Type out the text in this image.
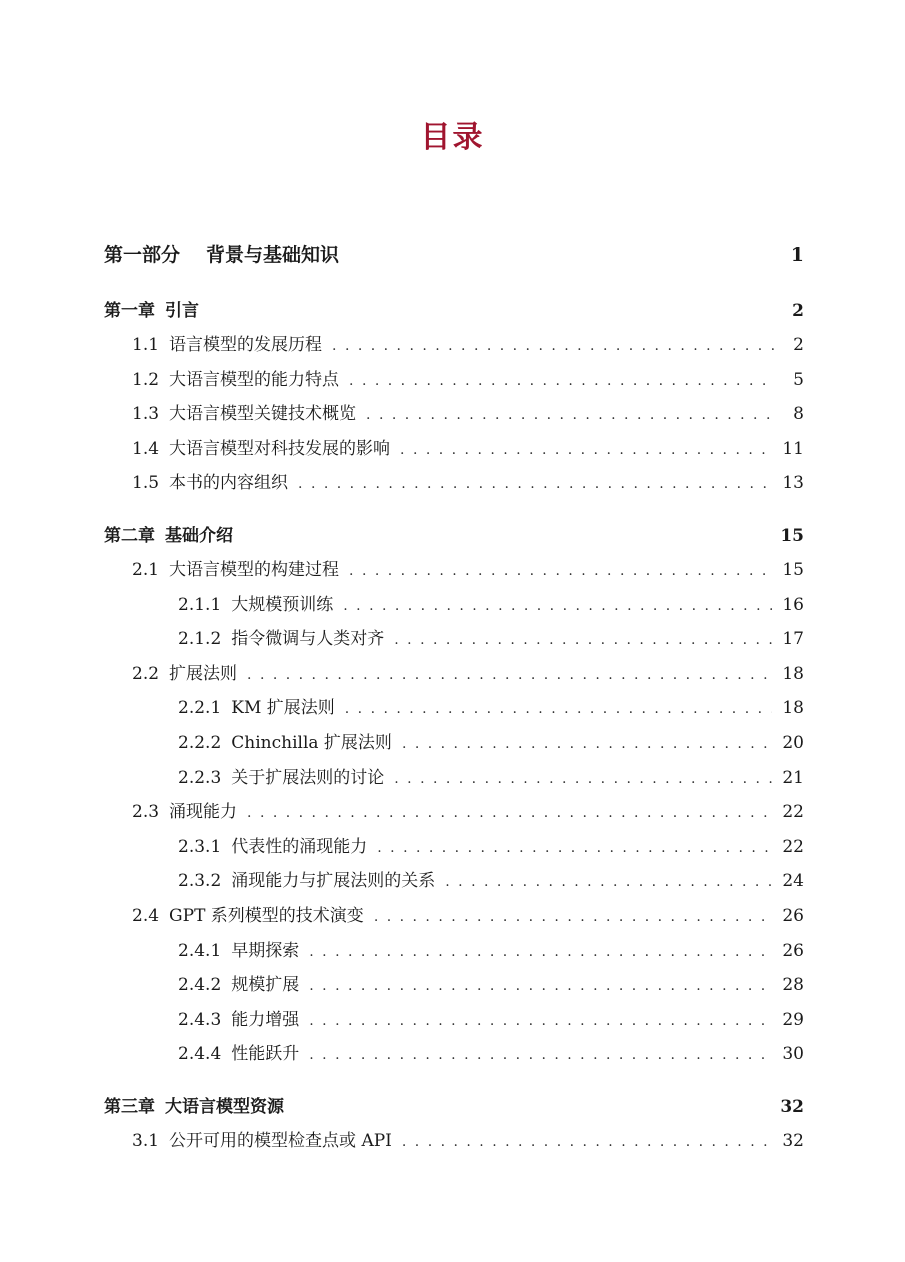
目录
第一部分 背景与基础知识	1
第一章 引言	2
1.1 语言模型的发展历程 . . .	2
1.2 大语言模型的能力特点 . . .	5
1.3 大语言模型关键技术概览 . . .	8
1.4 大语言模型对科技发展的影响 . . .	11
1.5 本书的内容组织 . . .	13
第二章 基础介绍	15
2.1 大语言模型的构建过程 . . .	15
2.1.1 大规模预训练 . . .	16
2.1.2 指令微调与人类对齐 . . .	17
2.2 扩展法则 . . .	18
2.2.1 KM 扩展法则 . . .	18
2.2.2 Chinchilla 扩展法则 . . .	20
2.2.3 关于扩展法则的讨论 . . .	21
2.3 涌现能力 . . .	22
2.3.1 代表性的涌现能力 . . .	22
2.3.2 涌现能力与扩展法则的关系 . . .	24
2.4 GPT 系列模型的技术演变 . . .	26
2.4.1 早期探索 . . .	26
2.4.2 规模扩展 . . .	28
2.4.3 能力增强 . . .	29
2.4.4 性能跃升 . . .	30
第三章 大语言模型资源	32
3.1 公开可用的模型检查点或 API . . .	32
